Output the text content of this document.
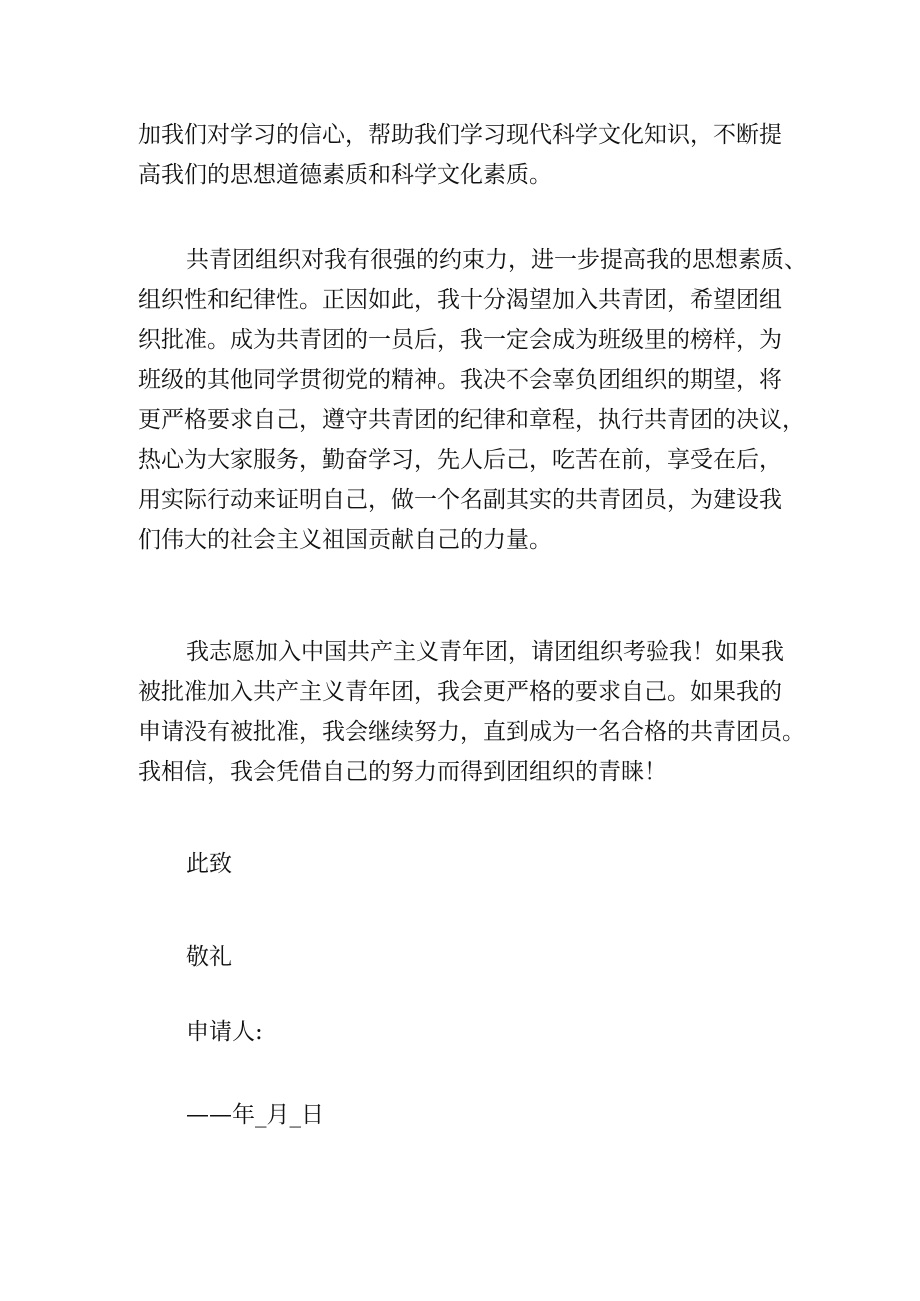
加我们对学习的信心，帮助我们学习现代科学文化知识，不断提
高我们的思想道德素质和科学文化素质。
共青团组织对我有很强的约束力，进一步提高我的思想素质、
组织性和纪律性。正因如此，我十分渴望加入共青团，希望团组
织批准。成为共青团的一员后，我一定会成为班级里的榜样，为
班级的其他同学贯彻党的精神。我决不会辜负团组织的期望，将
更严格要求自己，遵守共青团的纪律和章程，执行共青团的决议，
热心为大家服务，勤奋学习，先人后己，吃苦在前，享受在后，
用实际行动来证明自己，做一个名副其实的共青团员，为建设我
们伟大的社会主义祖国贡献自己的力量。
我志愿加入中国共产主义青年团，请团组织考验我！如果我
被批准加入共产主义青年团，我会更严格的要求自己。如果我的
申请没有被批准，我会继续努力，直到成为一名合格的共青团员。
我相信，我会凭借自己的努力而得到团组织的青睐！
此致
敬礼
申请人:
——年_月_日
